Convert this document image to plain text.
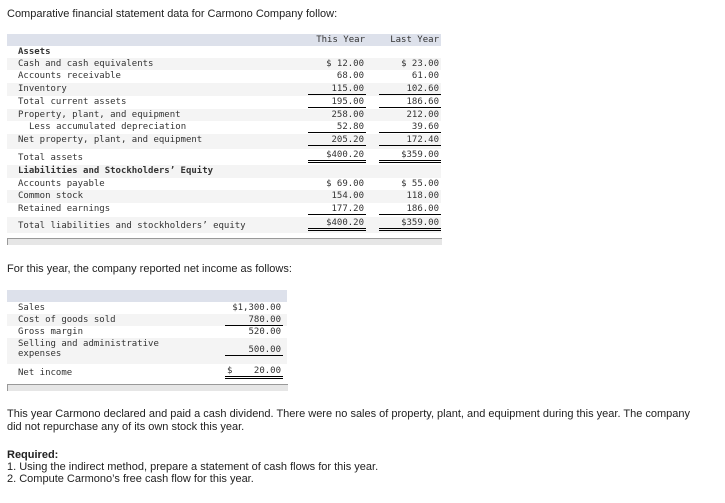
Comparative financial statement data for Carmono Company follow:

This Year	Last Year
Assets
Cash and cash equivalents	$ 12.00	$ 23.00
Accounts receivable	68.00	61.00
Inventory	115.00	102.60
Total current assets	195.00	186.60
Property, plant, and equipment	258.00	212.00
Less accumulated depreciation	52.80	39.60
Net property, plant, and equipment	205.20	172.40
Total assets	$400.20	$359.00
Liabilities and Stockholders’ Equity
Accounts payable	$ 69.00	$ 55.00
Common stock	154.00	118.00
Retained earnings	177.20	186.00
Total liabilities and stockholders’ equity	$400.20	$359.00

For this year, the company reported net income as follows:

Sales	$1,300.00
Cost of goods sold	780.00
Gross margin	520.00
Selling and administrative
expenses	500.00
Net income	$ 20.00

This year Carmono declared and paid a cash dividend. There were no sales of property, plant, and equipment during this year. The company did not repurchase any of its own stock this year.

Required:

1. Using the indirect method, prepare a statement of cash flows for this year.

2. Compute Carmono’s free cash flow for this year.
